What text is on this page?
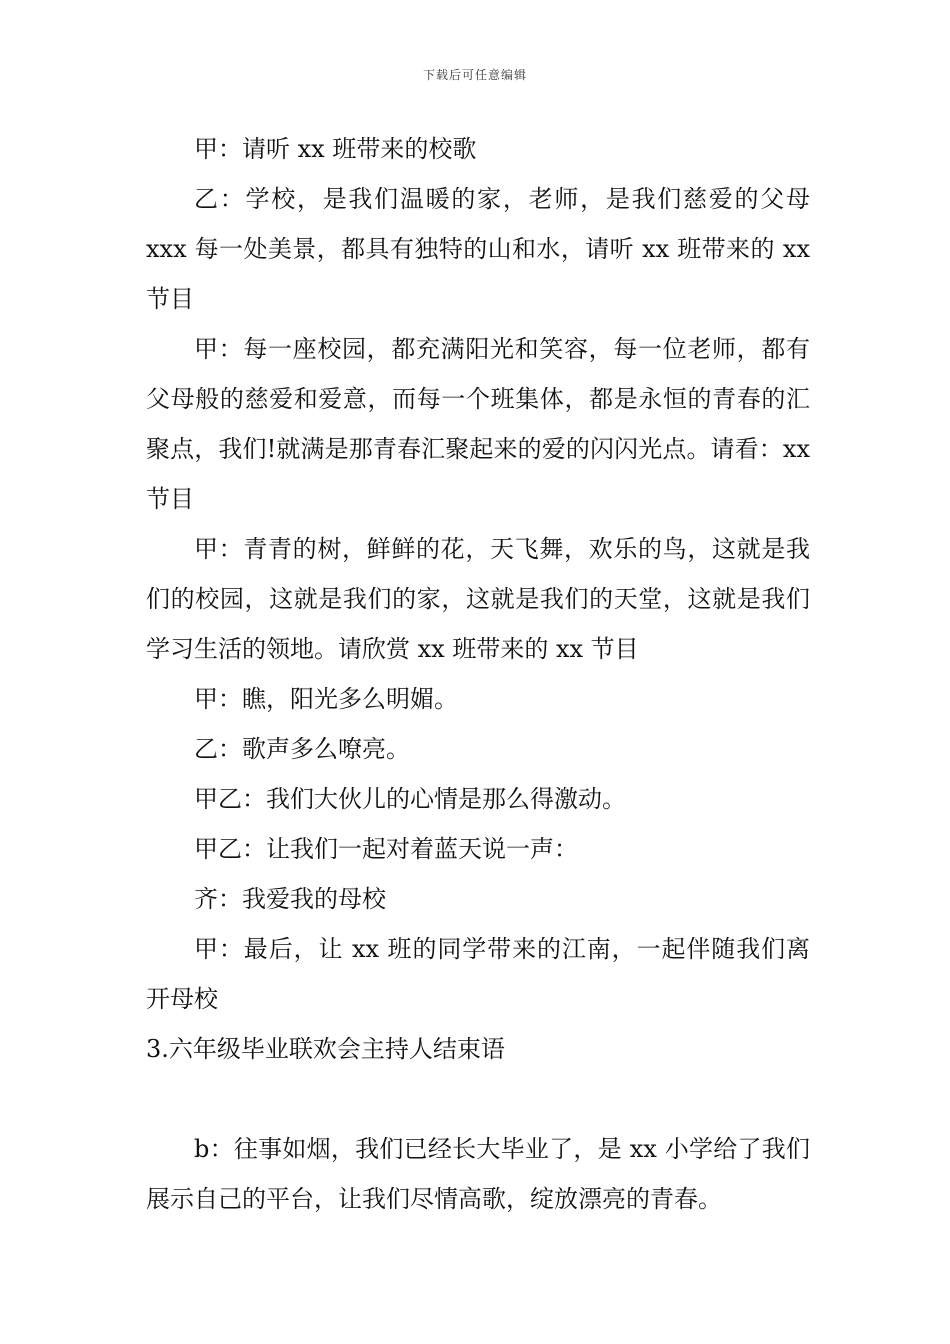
下载后可任意编辑

甲：请听 xx 班带来的校歌

乙：学校，是我们温暖的家，老师，是我们慈爱的父母 xxx 每一处美景，都具有独特的山和水，请听 xx 班带来的 xx 节目

甲：每一座校园，都充满阳光和笑容，每一位老师，都有父母般的慈爱和爱意，而每一个班集体，都是永恒的青春的汇聚点，我们!就满是那青春汇聚起来的爱的闪闪光点。请看：xx 节目

甲：青青的树，鲜鲜的花，天飞舞，欢乐的鸟，这就是我们的校园，这就是我们的家，这就是我们的天堂，这就是我们学习生活的领地。请欣赏 xx 班带来的 xx 节目

甲：瞧，阳光多么明媚。

乙：歌声多么嘹亮。

甲乙：我们大伙儿的心情是那么得激动。

甲乙：让我们一起对着蓝天说一声：

齐：我爱我的母校

甲：最后，让 xx 班的同学带来的江南，一起伴随我们离开母校

3.六年级毕业联欢会主持人结束语

b：往事如烟，我们已经长大毕业了，是 xx 小学给了我们展示自己的平台，让我们尽情高歌，绽放漂亮的青春。
